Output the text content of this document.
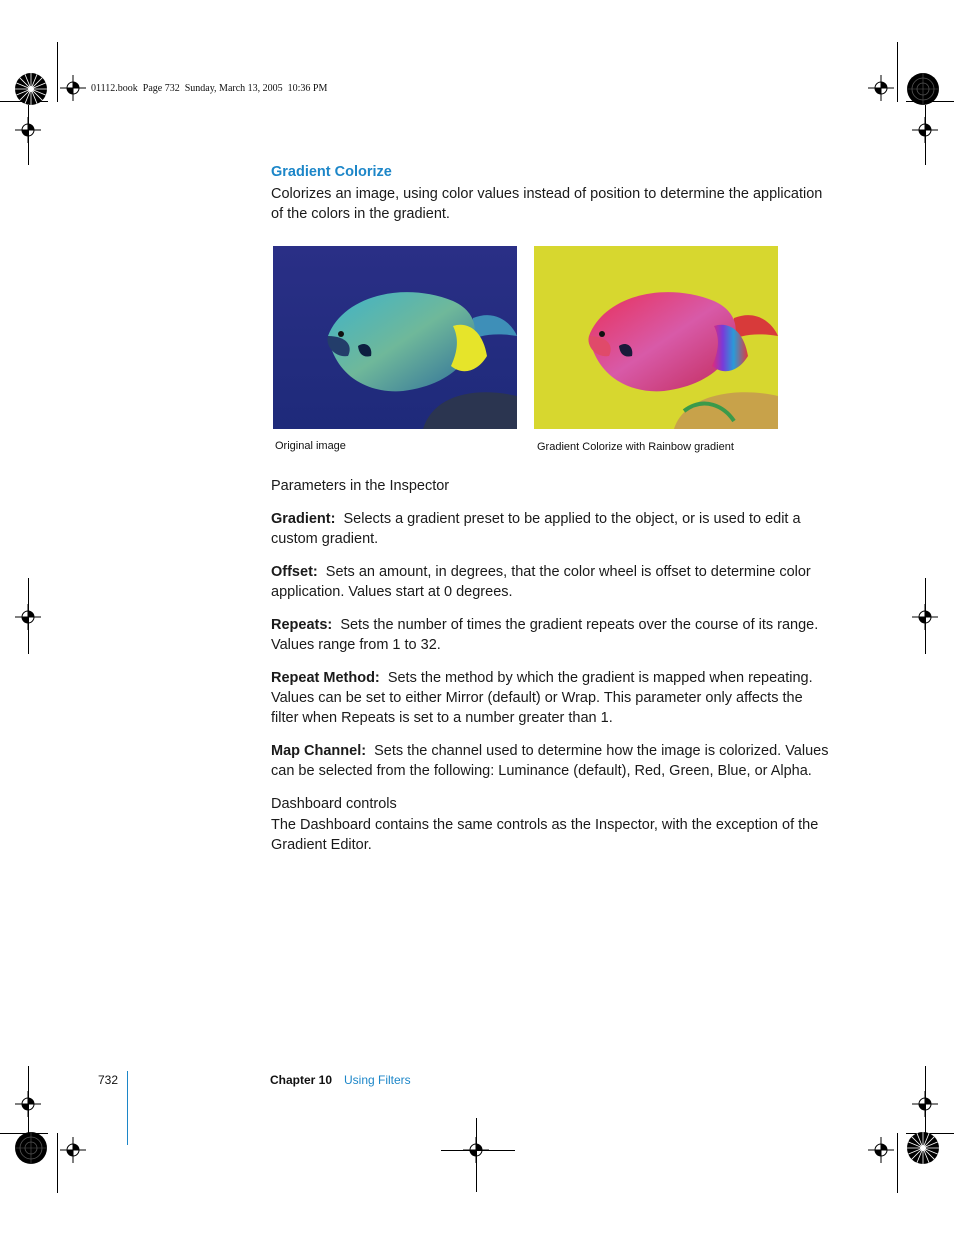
01112.book  Page 732  Sunday, March 13, 2005  10:36 PM
Gradient Colorize
Colorizes an image, using color values instead of position to determine the application of the colors in the gradient.
Original image	Gradient Colorize with Rainbow gradient
Parameters in the Inspector
Gradient: Selects a gradient preset to be applied to the object, or is used to edit a custom gradient.
Offset: Sets an amount, in degrees, that the color wheel is offset to determine color application. Values start at 0 degrees.
Repeats: Sets the number of times the gradient repeats over the course of its range. Values range from 1 to 32.
Repeat Method: Sets the method by which the gradient is mapped when repeating. Values can be set to either Mirror (default) or Wrap. This parameter only affects the filter when Repeats is set to a number greater than 1.
Map Channel: Sets the channel used to determine how the image is colorized. Values can be selected from the following: Luminance (default), Red, Green, Blue, or Alpha.
Dashboard controls
The Dashboard contains the same controls as the Inspector, with the exception of the Gradient Editor.
732	Chapter 10 Using Filters
